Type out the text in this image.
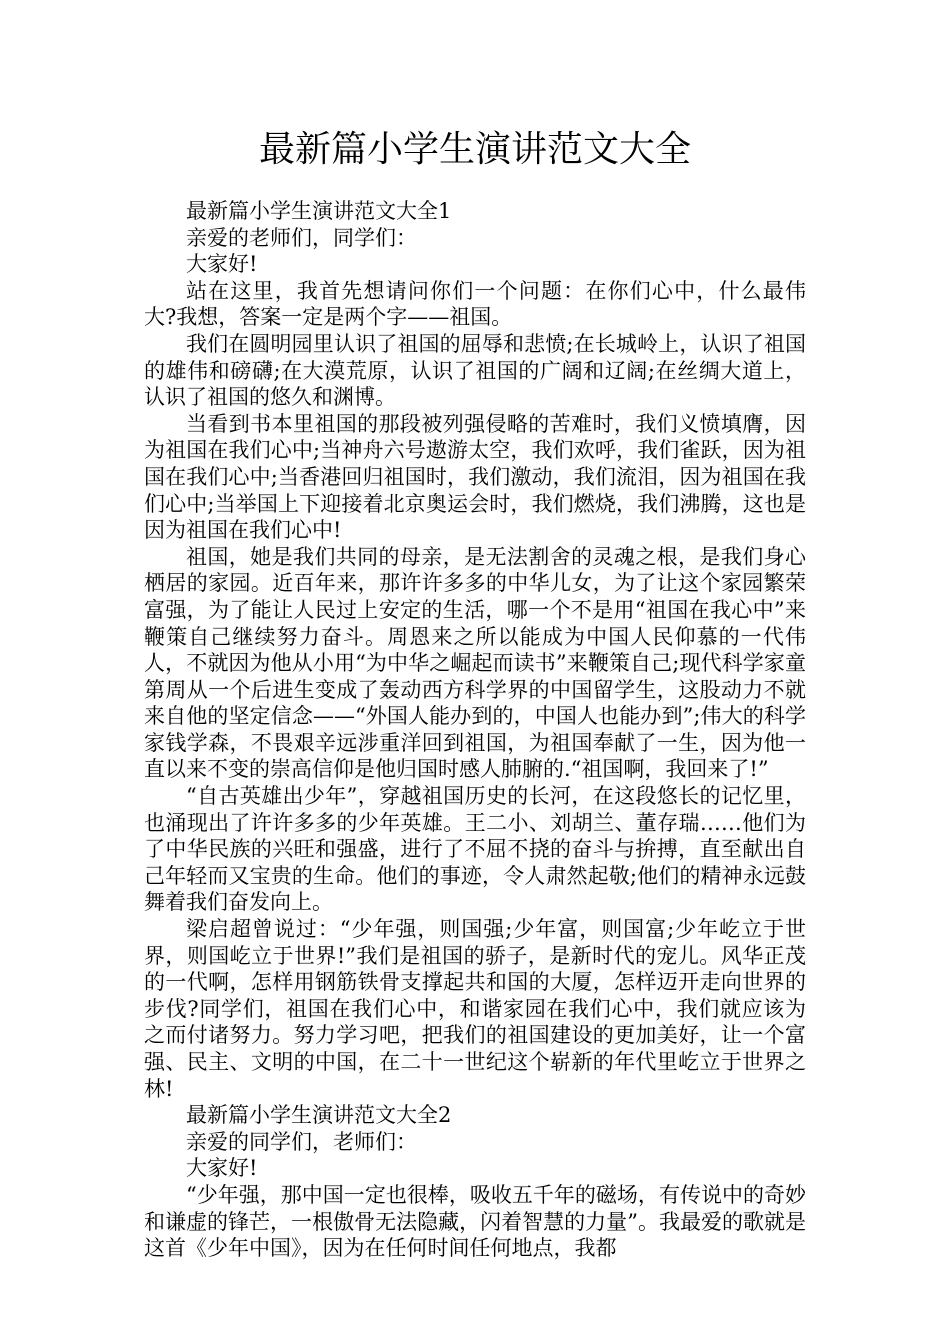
最新篇小学生演讲范文大全

最新篇小学生演讲范文大全1

亲爱的老师们，同学们：

大家好!

站在这里，我首先想请问你们一个问题：在你们心中，什么最伟大?我想，答案一定是两个字——祖国。

我们在圆明园里认识了祖国的屈辱和悲愤;在长城岭上，认识了祖国的雄伟和磅礴;在大漠荒原，认识了祖国的广阔和辽阔;在丝绸大道上，认识了祖国的悠久和渊博。

当看到书本里祖国的那段被列强侵略的苦难时，我们义愤填膺，因为祖国在我们心中;当神舟六号遨游太空，我们欢呼，我们雀跃，因为祖国在我们心中;当香港回归祖国时，我们激动，我们流泪，因为祖国在我们心中;当举国上下迎接着北京奥运会时，我们燃烧，我们沸腾，这也是因为祖国在我们心中!

祖国，她是我们共同的母亲，是无法割舍的灵魂之根，是我们身心栖居的家园。近百年来，那许许多多的中华儿女，为了让这个家园繁荣富强，为了能让人民过上安定的生活，哪一个不是用“祖国在我心中”来鞭策自己继续努力奋斗。周恩来之所以能成为中国人民仰慕的一代伟人，不就因为他从小用“为中华之崛起而读书”来鞭策自己;现代科学家童第周从一个后进生变成了轰动西方科学界的中国留学生，这股动力不就来自他的坚定信念——“外国人能办到的，中国人也能办到”;伟大的科学家钱学森，不畏艰辛远涉重洋回到祖国，为祖国奉献了一生，因为他一直以来不变的崇高信仰是他归国时感人肺腑的.“祖国啊，我回来了!”

“自古英雄出少年”，穿越祖国历史的长河，在这段悠长的记忆里，也涌现出了许许多多的少年英雄。王二小、刘胡兰、董存瑞……他们为了中华民族的兴旺和强盛，进行了不屈不挠的奋斗与拚搏，直至献出自己年轻而又宝贵的生命。他们的事迹，令人肃然起敬;他们的精神永远鼓舞着我们奋发向上。

梁启超曾说过：“少年强，则国强;少年富，则国富;少年屹立于世界，则国屹立于世界!”我们是祖国的骄子，是新时代的宠儿。风华正茂的一代啊，怎样用钢筋铁骨支撑起共和国的大厦，怎样迈开走向世界的步伐?同学们，祖国在我们心中，和谐家园在我们心中，我们就应该为之而付诸努力。努力学习吧，把我们的祖国建设的更加美好，让一个富强、民主、文明的中国，在二十一世纪这个崭新的年代里屹立于世界之林!

最新篇小学生演讲范文大全2

亲爱的同学们，老师们：

大家好!

“少年强，那中国一定也很棒，吸收五千年的磁场，有传说中的奇妙和谦虚的锋芒，一根傲骨无法隐藏，闪着智慧的力量”。我最爱的歌就是这首《少年中国》，因为在任何时间任何地点，我都
